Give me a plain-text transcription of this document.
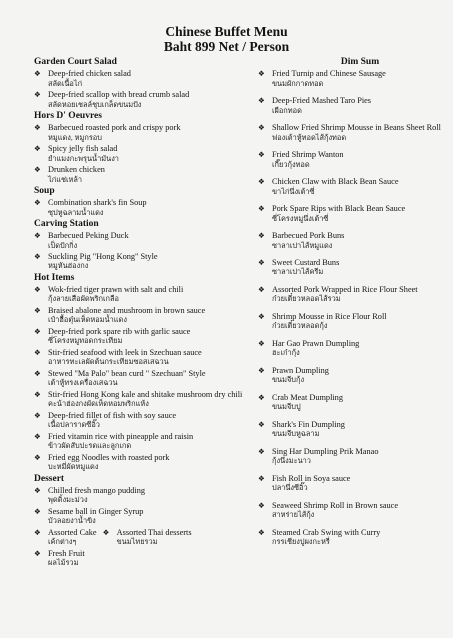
Chinese Buffet Menu
Baht 899 Net / Person
Garden Court Salad
❖ Deep-fried chicken salad
สลัดเนื้อไก่
❖ Deep-fried scallop with bread crumb salad
สลัดหอยเชลล์ชุบเกล็ดขนมปัง
Hors D' Oeuvres
❖ Barbecued roasted pork and crispy pork
หมูแดง, หมูกรอบ
❖ Spicy jelly fish salad
ยำแมงกะพรุนน้ำมันงา
❖ Drunken chicken
ไก่แช่เหล้า
Soup
❖ Combination shark's fin Soup
ซุปหูฉลามน้ำแดง
Carving Station
❖ Barbecued Peking Duck
เป็ดปักกิ่ง
❖ Suckling Pig "Hong Kong" Style
หมูหันฮ่องกง
Hot Items
❖ Wok-fried tiger prawn with salt and chili
กุ้งลายเสือผัดพริกเกลือ
❖ Braised abalone and mushroom in brown sauce
เป๋าฮื้อตุ๋นเห็ดหอมน้ำแดง
❖ Deep-fried pork spare rib with garlic sauce
ซี่โครงหมูทอดกระเทียม
❖ Stir-fried seafood with leek in Szechuan sauce
อาหารทะเลผัดต้นกระเทียมซอสเสฉวน
❖ Stewed "Ma Palo" bean curd " Szechuan" Style
เต้าหู้ทรงเครื่องเสฉวน
❖ Stir-fried Hong Kong kale and shitake mushroom dry chili
คะน้าฮ่องกงผัดเห็ดหอมพริกแห้ง
❖ Deep-fried fillet of fish with soy sauce
เนื้อปลาราดซีอิ๊ว
❖ Fried vitamin rice with pineapple and raisin
ข้าวผัดสับปะรดและลูกเกด
❖ Fried egg Noodles with roasted pork
บะหมี่ผัดหมูแดง
Dessert
❖ Chilled fresh mango pudding
พุดดิ้งมะม่วง
❖ Sesame ball in Ginger Syrup
บัวลอยงาน้ำขิง
❖ Assorted Cake
เค้กต่างๆ
❖ Assorted Thai desserts
ขนมไทยรวม
❖ Fresh Fruit
ผลไม้รวม
Dim Sum
❖ Fried Turnip and Chinese Sausage
ขนมผักกาดทอด
❖ Deep-Fried Mashed Taro Pies
เผือกทอด
❖ Shallow Fried Shrimp Mousse in Beans Sheet Roll
ฟองเต้าหู้ทอดไส้กุ้งทอด
❖ Fried Shrimp Wanton
เกี๊ยวกุ้งทอด
❖ Chicken Claw with Black Bean Sauce
ขาไก่นึ่งเต้าซี่
❖ Pork Spare Rips with Black Bean Sauce
ซี่โครงหมูนึ่งเต้าซี่
❖ Barbecued Pork Buns
ซาลาเปาไส้หมูแดง
❖ Sweet Custard Buns
ซาลาเปาไส้ครีม
❖ Assorted Pork Wrapped in Rice Flour Sheet
ก๋วยเตี๋ยวหลอดไส้รวม
❖ Shrimp Mousse in Rice Flour Roll
ก๋วยเตี๋ยวหลอดกุ้ง
❖ Har Gao Prawn Dumpling
ฮะเก๋ากุ้ง
❖ Prawn Dumpling
ขนมจีบกุ้ง
❖ Crab Meat Dumpling
ขนมจีบปู
❖ Shark's Fin Dumpling
ขนมจีบหูฉลาม
❖ Sing Har Dumpling Prik Manao
กุ้งนึ่งมะนาว
❖ Fish Roll in Soya sauce
ปลานึ่งซีอิ๊ว
❖ Seaweed Shrimp Roll in Brown sauce
สาหร่ายไส้กุ้ง
❖ Steamed Crab Swing with Curry
กรรเชียงปูผงกะหรี่
